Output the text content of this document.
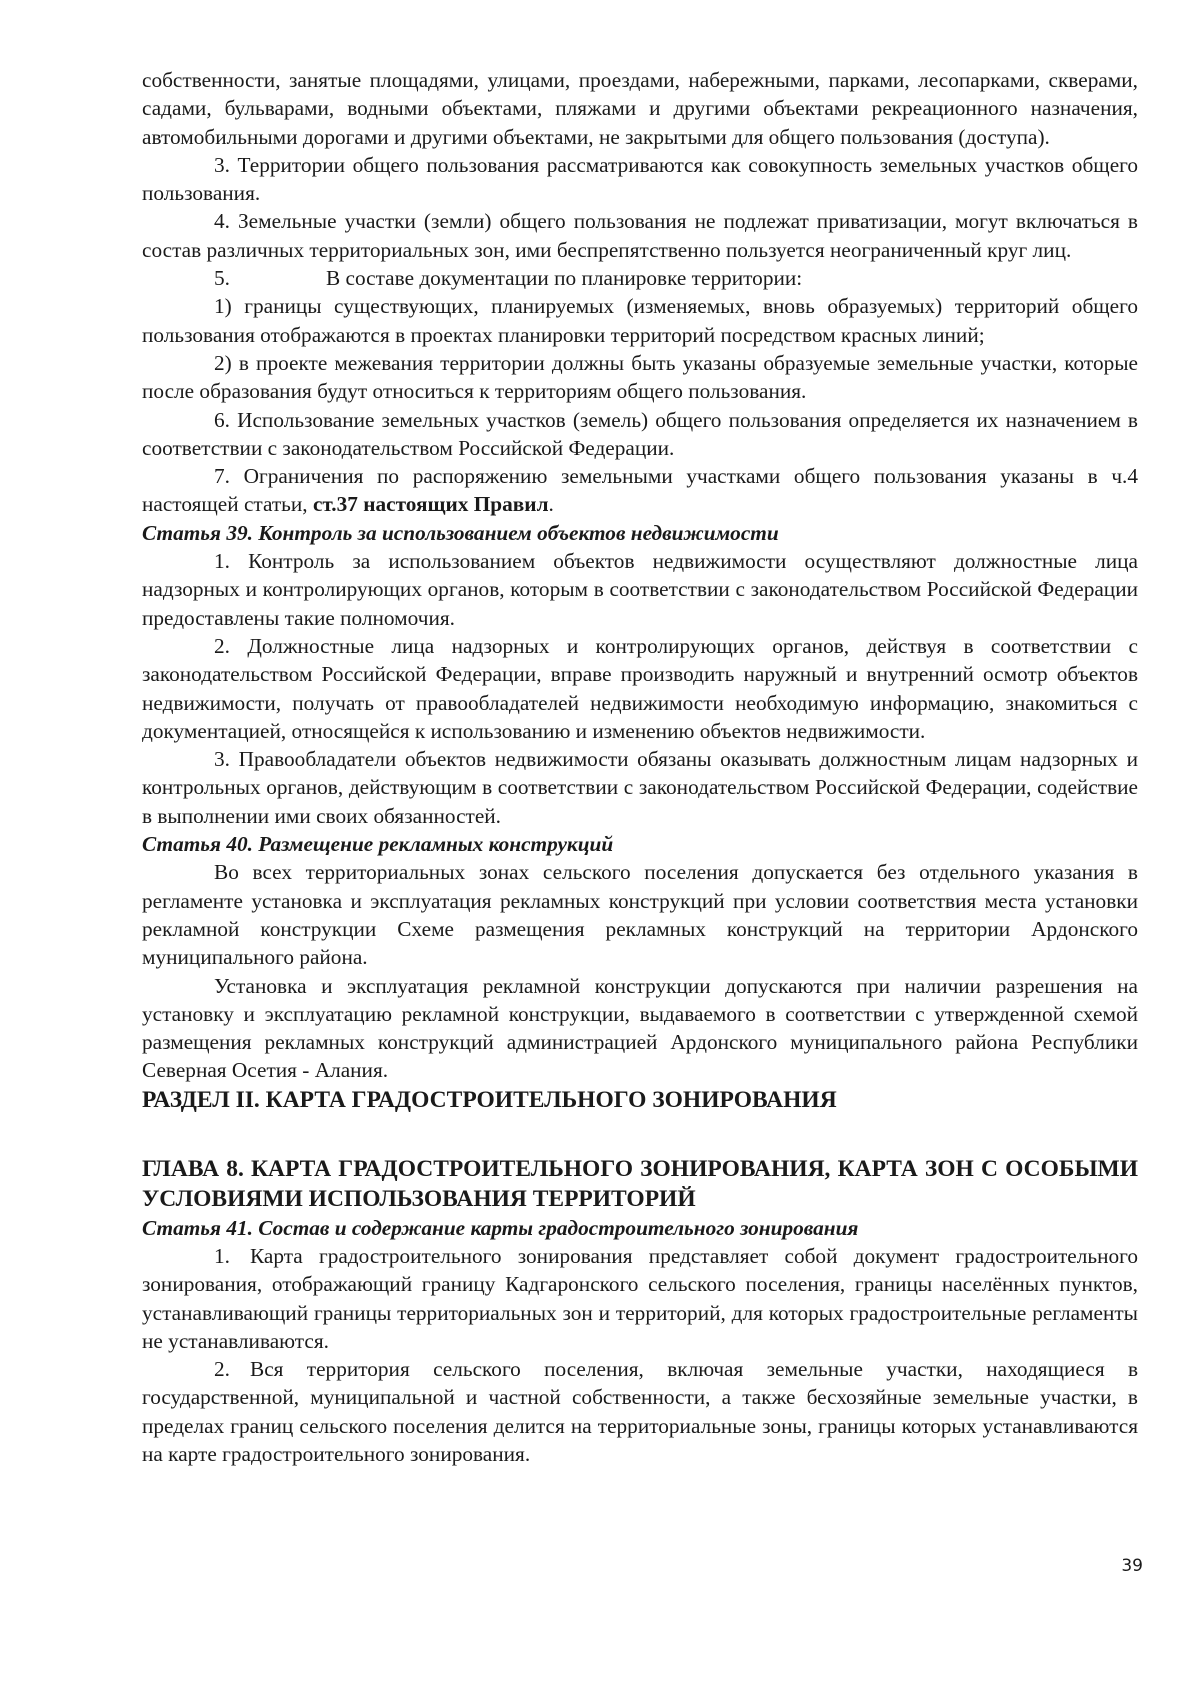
собственности, занятые площадями, улицами, проездами, набережными, парками, лесопарками, скверами, садами, бульварами, водными объектами, пляжами и другими объектами рекреационного назначения, автомобильными дорогами и другими объектами, не закрытыми для общего пользования (доступа).

3. Территории общего пользования рассматриваются как совокупность земельных участков общего пользования.

4. Земельные участки (земли) общего пользования не подлежат приватизации, могут включаться в состав различных территориальных зон, ими беспрепятственно пользуется неограниченный круг лиц.

5.	В составе документации по планировке территории:

1) границы существующих, планируемых (изменяемых, вновь образуемых) территорий общего пользования отображаются в проектах планировки территорий посредством красных линий;

2) в проекте межевания территории должны быть указаны образуемые земельные участки, которые после образования будут относиться к территориям общего пользования.

6. Использование земельных участков (земель) общего пользования определяется их назначением в соответствии с законодательством Российской Федерации.

7. Ограничения по распоряжению земельными участками общего пользования указаны в ч.4 настоящей статьи, ст.37 настоящих Правил.

Статья 39. Контроль за использованием объектов недвижимости

1. Контроль за использованием объектов недвижимости осуществляют должностные лица надзорных и контролирующих органов, которым в соответствии с законодательством Российской Федерации предоставлены такие полномочия.

2. Должностные лица надзорных и контролирующих органов, действуя в соответствии с законодательством Российской Федерации, вправе производить наружный и внутренний осмотр объектов недвижимости, получать от правообладателей недвижимости необходимую информацию, знакомиться с документацией, относящейся к использованию и изменению объектов недвижимости.

3. Правообладатели объектов недвижимости обязаны оказывать должностным лицам надзорных и контрольных органов, действующим в соответствии с законодательством Российской Федерации, содействие в выполнении ими своих обязанностей.

Статья 40. Размещение рекламных конструкций

Во всех территориальных зонах сельского поселения допускается без отдельного указания в регламенте установка и эксплуатация рекламных конструкций при условии соответствия места установки рекламной конструкции Схеме размещения рекламных конструкций на территории Ардонского муниципального района.

Установка и эксплуатация рекламной конструкции допускаются при наличии разрешения на установку и эксплуатацию рекламной конструкции, выдаваемого в соответствии с утвержденной схемой размещения рекламных конструкций администрацией Ардонского муниципального района Республики Северная Осетия - Алания.

РАЗДЕЛ II. КАРТА ГРАДОСТРОИТЕЛЬНОГО ЗОНИРОВАНИЯ

ГЛАВА 8. КАРТА ГРАДОСТРОИТЕЛЬНОГО ЗОНИРОВАНИЯ, КАРТА ЗОН С ОСОБЫМИ УСЛОВИЯМИ ИСПОЛЬЗОВАНИЯ ТЕРРИТОРИЙ

Статья 41. Состав и содержание карты градостроительного зонирования

1. Карта градостроительного зонирования представляет собой документ градостроительного зонирования, отображающий границу Кадгаронского сельского поселения, границы населённых пунктов, устанавливающий границы территориальных зон и территорий, для которых градостроительные регламенты не устанавливаются.

2. Вся территория сельского поселения, включая земельные участки, находящиеся в государственной, муниципальной и частной собственности, а также бесхозяйные земельные участки, в пределах границ сельского поселения делится на территориальные зоны, границы которых устанавливаются на карте градостроительного зонирования.

39
